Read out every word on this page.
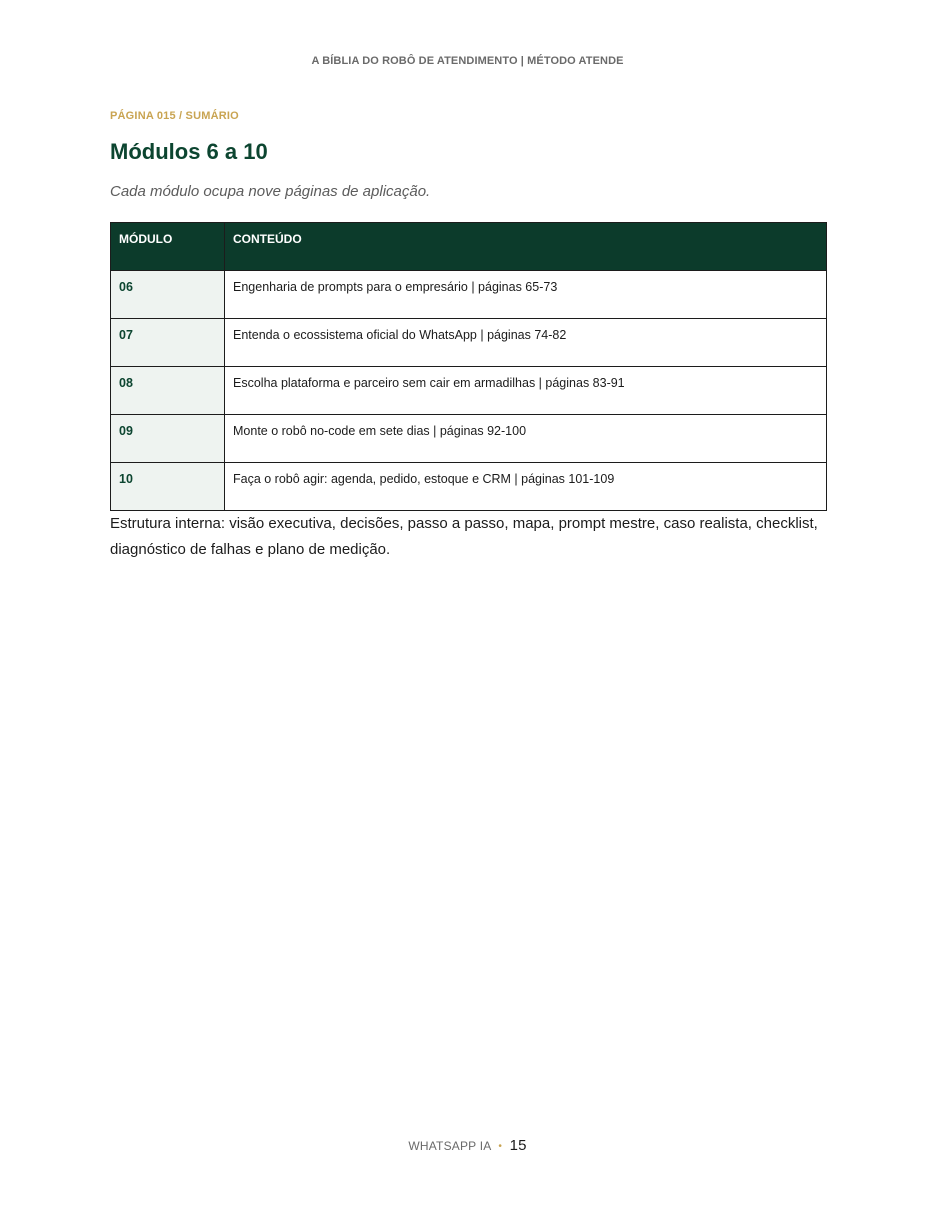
A BÍBLIA DO ROBÔ DE ATENDIMENTO | MÉTODO ATENDE
PÁGINA 015 / SUMÁRIO
Módulos 6 a 10
Cada módulo ocupa nove páginas de aplicação.
MÓDULO	CONTEÚDO
06	Engenharia de prompts para o empresário | páginas 65-73
07	Entenda o ecossistema oficial do WhatsApp | páginas 74-82
08	Escolha plataforma e parceiro sem cair em armadilhas | páginas 83-91
09	Monte o robô no-code em sete dias | páginas 92-100
10	Faça o robô agir: agenda, pedido, estoque e CRM | páginas 101-109
Estrutura interna: visão executiva, decisões, passo a passo, mapa, prompt mestre, caso realista, checklist, diagnóstico de falhas e plano de medição.
WHATSAPP IA • 15
